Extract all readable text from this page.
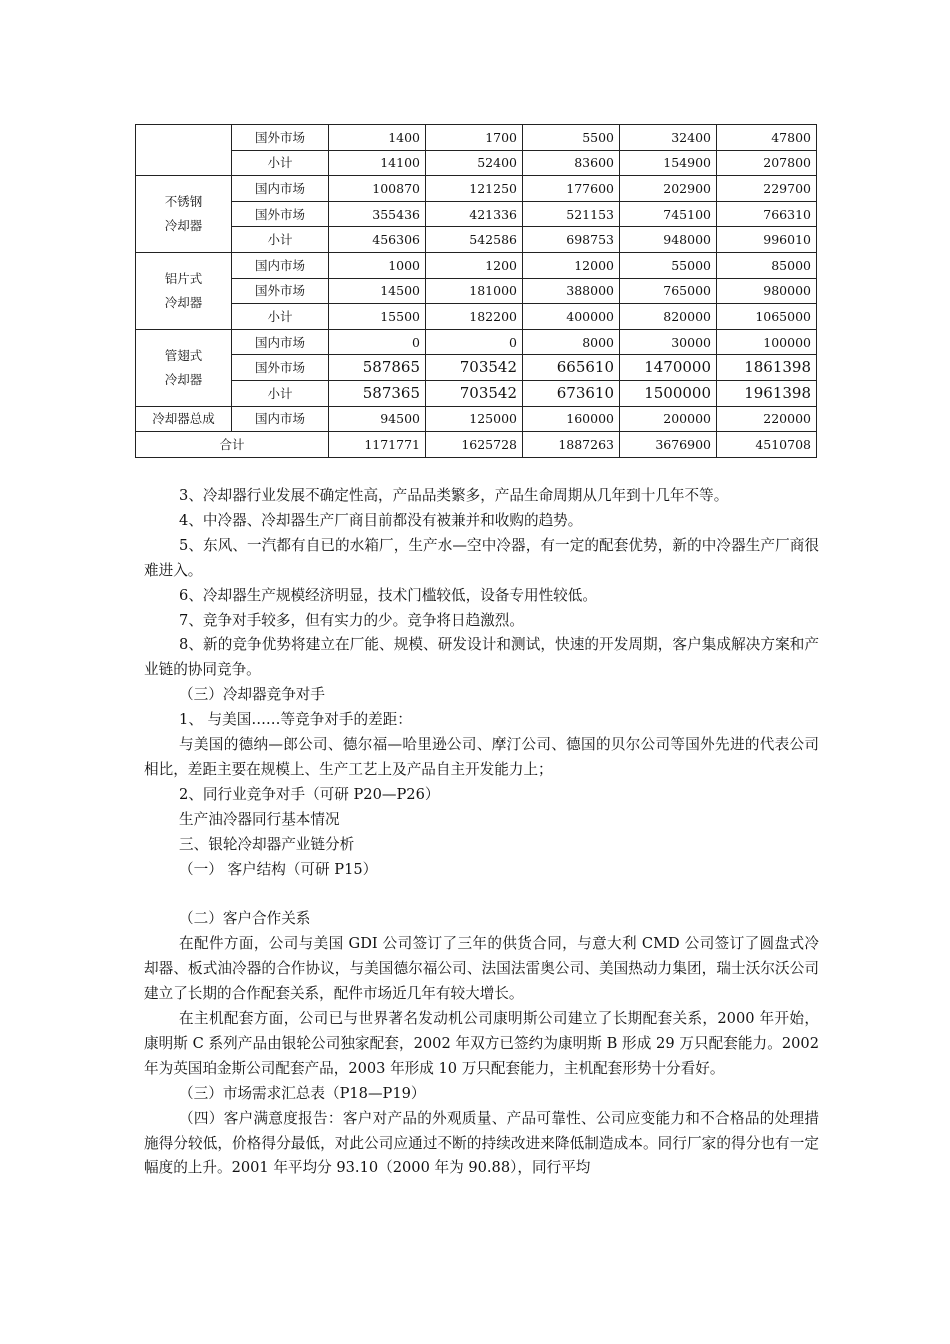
	国外市场	1400	1700	5500	32400	47800
	小计	14100	52400	83600	154900	207800
不锈钢
冷却器	国内市场	100870	121250	177600	202900	229700
	国外市场	355436	421336	521153	745100	766310
	小计	456306	542586	698753	948000	996010
铝片式
冷却器	国内市场	1000	1200	12000	55000	85000
	国外市场	14500	181000	388000	765000	980000
	小计	15500	182200	400000	820000	1065000
管翅式
冷却器	国内市场	0	0	8000	30000	100000
	国外市场	587865	703542	665610	1470000	1861398
	小计	587365	703542	673610	1500000	1961398
冷却器总成	国内市场	94500	125000	160000	200000	220000
合计		1171771	1625728	1887263	3676900	4510708

3、冷却器行业发展不确定性高，产品品类繁多，产品生命周期从几年到十几年不等。

4、中冷器、冷却器生产厂商目前都没有被兼并和收购的趋势。

5、东风、一汽都有自已的水箱厂，生产水—空中冷器，有一定的配套优势，新的中冷器生产厂商很难进入。

6、冷却器生产规模经济明显，技术门槛较低，设备专用性较低。

7、竞争对手较多，但有实力的少。竞争将日趋激烈。

8、新的竞争优势将建立在厂能、规模、研发设计和测试，快速的开发周期，客户集成解决方案和产业链的协同竞争。

（三）冷却器竞争对手

1、 与美国……等竞争对手的差距：

与美国的德纳—郎公司、德尔福—哈里逊公司、摩汀公司、德国的贝尔公司等国外先进的代表公司相比，差距主要在规模上、生产工艺上及产品自主开发能力上；

2、同行业竞争对手（可研 P20—P26）

生产油冷器同行基本情况

三、银轮冷却器产业链分析

（一） 客户结构（可研 P15）

（二）客户合作关系

在配件方面，公司与美国 GDI 公司签订了三年的供货合同，与意大利 CMD 公司签订了圆盘式冷却器、板式油冷器的合作协议，与美国德尔福公司、法国法雷奥公司、美国热动力集团，瑞士沃尔沃公司建立了长期的合作配套关系，配件市场近几年有较大增长。

在主机配套方面，公司已与世界著名发动机公司康明斯公司建立了长期配套关系，2000 年开始，康明斯 C 系列产品由银轮公司独家配套，2002 年双方已签约为康明斯 B 形成 29 万只配套能力。2002 年为英国珀金斯公司配套产品，2003 年形成 10 万只配套能力，主机配套形势十分看好。

（三）市场需求汇总表（P18—P19）

（四）客户满意度报告：客户对产品的外观质量、产品可靠性、公司应变能力和不合格品的处理措施得分较低，价格得分最低，对此公司应通过不断的持续改进来降低制造成本。同行厂家的得分也有一定幅度的上升。2001 年平均分 93.10（2000 年为 90.88），同行平均
